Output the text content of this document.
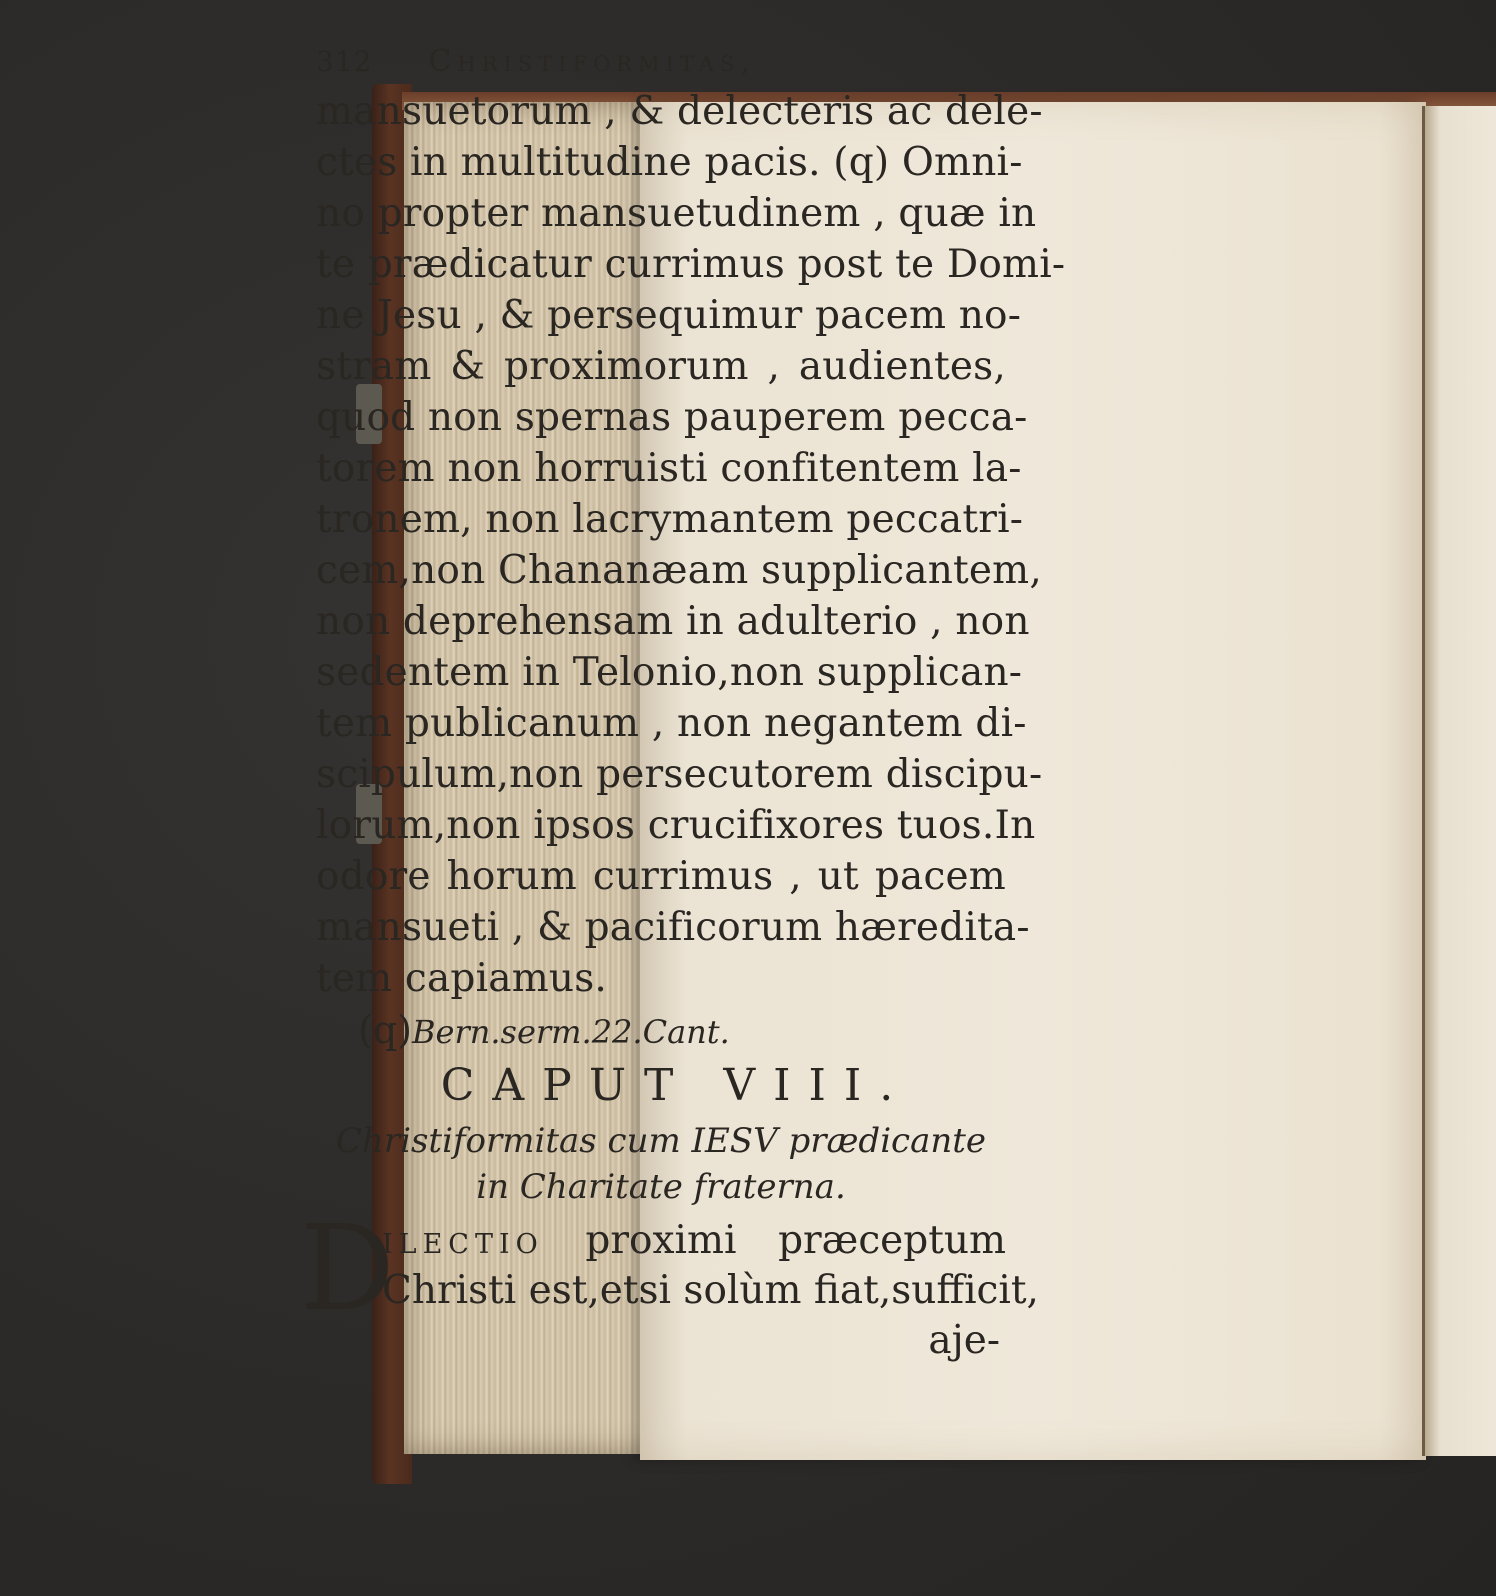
312 Christiformitas,
mansuetorum , & delecteris ac dele-
ctes in multitudine pacis. (q) Omni-
no propter mansuetudinem , quæ in
te prædicatur currimus post te Domi-
ne Jesu , & persequimur pacem no-
stram & proximorum , audientes,
quod non spernas pauperem pecca-
torem non horruisti confitentem la-
tronem, non lacrymantem peccatri-
cem,non Chananæam supplicantem,
non deprehensam in adulterio , non
sedentem in Telonio,non supplican-
tem publicanum , non negantem di-
scipulum,non persecutorem discipu-
lorum,non ipsos crucifixores tuos.In
odore horum currimus , ut pacem
mansueti , & pacificorum hæredita-
tem capiamus.
(q)Bern.serm.22.Cant.
CAPUT VIII.
Christiformitas cum IESV prædicante
in Charitate fraterna.
D
ilectio proximi præceptum
Christi est,etsi solùm fiat,sufficit,
aje-
